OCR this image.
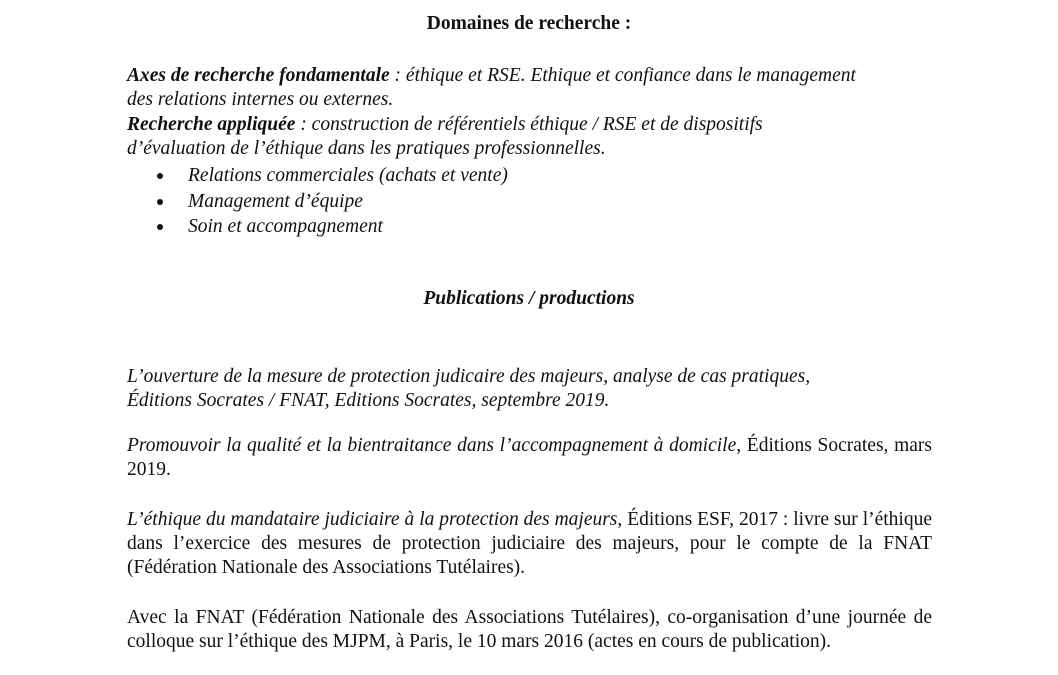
Domaines de recherche :

Axes de recherche fondamentale : éthique et RSE. Ethique et confiance dans le management

des relations internes ou externes.

Recherche appliquée : construction de référentiels éthique / RSE et de dispositifs

d’évaluation de l’éthique dans les pratiques professionnelles.

Relations commerciales (achats et vente)
Management d’équipe
Soin et accompagnement

Publications / productions

L’ouverture de la mesure de protection judicaire des majeurs, analyse de cas pratiques,
Éditions Socrates / FNAT, Editions Socrates, septembre 2019.

Promouvoir la qualité et la bientraitance dans l’accompagnement à domicile, Éditions Socrates, mars 2019.

L’éthique du mandataire judiciaire à la protection des majeurs, Éditions ESF, 2017 : livre sur l’éthique dans l’exercice des mesures de protection judiciaire des majeurs, pour le compte de la FNAT (Fédération Nationale des Associations Tutélaires).

Avec la FNAT (Fédération Nationale des Associations Tutélaires), co-organisation d’une journée de colloque sur l’éthique des MJPM, à Paris, le 10 mars 2016 (actes en cours de publication).
